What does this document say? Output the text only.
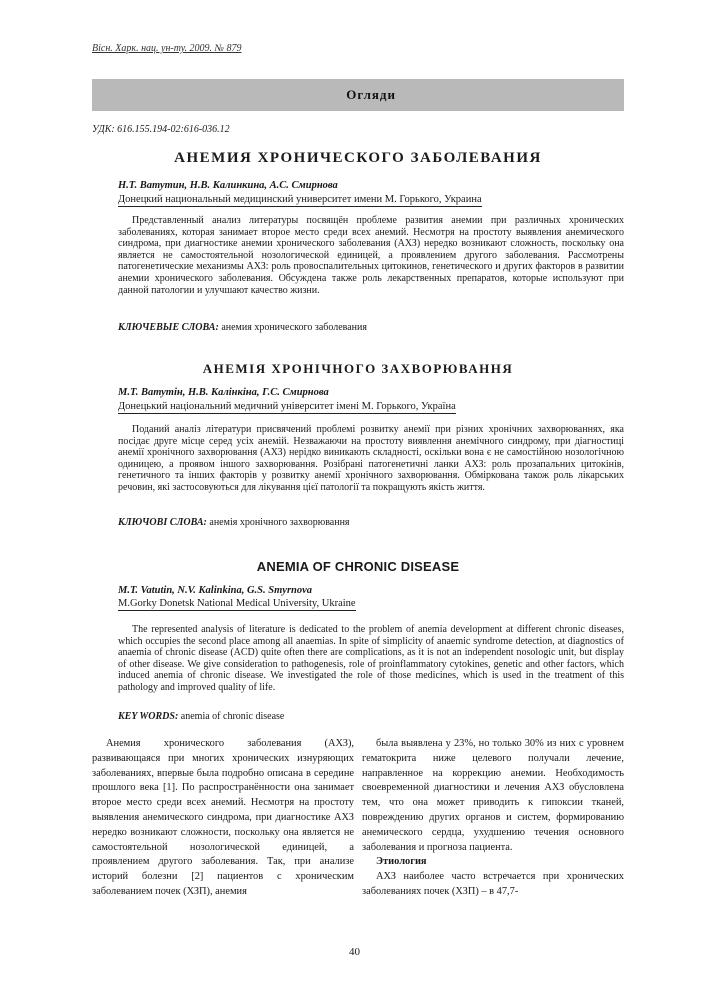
Вісн. Харк. нац. ун-ту. 2009. № 879
Огляди
УДК: 616.155.194-02:616-036.12
АНЕМИЯ ХРОНИЧЕСКОГО ЗАБОЛЕВАНИЯ
Н.Т. Ватутин, Н.В. Калинкина, А.С. Смирнова
Донецкий национальный медицинский университет имени М. Горького, Украина
Представленный анализ литературы посвящён проблеме развития анемии при различных хронических заболеваниях, которая занимает второе место среди всех анемий. Несмотря на простоту выявления анемического синдрома, при диагностике анемии хронического заболевания (АХЗ) нередко возникают сложность, поскольку она является не самостоятельной нозологической единицей, а проявлением другого заболевания. Рассмотрены патогенетические механизмы АХЗ: роль провоспалительных цитокинов, генетического и других факторов в развитии анемии хронического заболевания. Обсуждена также роль лекарственных препаратов, которые используют при данной патологии и улучшают качество жизни.
КЛЮЧЕВЫЕ СЛОВА: анемия хронического заболевания
АНЕМІЯ ХРОНІЧНОГО ЗАХВОРЮВАННЯ
М.Т. Ватутін, Н.В. Калінкіна, Г.С. Смирнова
Донецький національний медичний університет імені М. Горького, Україна
Поданий аналіз літератури присвячений проблемі розвитку анемії при різних хронічних захворюваннях, яка посідає друге місце серед усіх анемій. Незважаючи на простоту виявлення анемічного синдрому, при діагностиці анемії хронічного захворювання (АХЗ) нерідко виникають складності, оскільки вона є не самостійною нозологічною одиницею, а проявом іншого захворювання. Розібрані патогенетичні ланки АХЗ: роль прозапальних цитокінів, генетичного та інших факторів у розвитку анемії хронічного захворювання. Обміркована також роль лікарських речовин, які застосовуються для лікування цієї патології та покращують якість життя.
КЛЮЧОВІ СЛОВА: анемія хронічного захворювання
ANEMIA OF CHRONIC DISEASE
M.T. Vatutin, N.V. Kalinkina, G.S. Smyrnova
M.Gorky Donetsk National Medical University, Ukraine
The represented analysis of literature is dedicated to the problem of anemia development at different chronic diseases, which occupies the second place among all anaemias. In spite of simplicity of anaemic syndrome detection, at diagnostics of anaemia of chronic disease (ACD) quite often there are complications, as it is not an independent nosologic unit, but display of other disease. We give consideration to pathogenesis, role of proinflammatory cytokines, genetic and other factors, which induced anemia of chronic disease. We investigated the role of those medicines, which is used in the treatment of this pathology and improved quality of life.
KEY WORDS: anemia of chronic disease

Анемия хронического заболевания (АХЗ), развивающаяся при многих хронических изнуряющих заболеваниях, впервые была подробно описана в середине прошлого века [1]. По распространённости она занимает второе место среди всех анемий. Несмотря на простоту выявления анемического синдрома, при диагностике АХЗ нередко возникают сложности, поскольку она является не самостоятельной нозологической единицей, а проявлением другого заболевания. Так, при анализе историй болезни [2] пациентов с хроническим заболеванием почек (ХЗП), анемия

была выявлена у 23%, но только 30% из них с уровнем гематокрита ниже целевого получали лечение, направленное на коррекцию анемии. Необходимость своевременной диагностики и лечения АХЗ обусловлена тем, что она может приводить к гипоксии тканей, повреждению других органов и систем, формированию анемического сердца, ухудшению течения основного заболевания и прогноза пациента.

Этиология

АХЗ наиболее часто встречается при хронических заболеваниях почек (ХЗП) – в 47,7-

40
